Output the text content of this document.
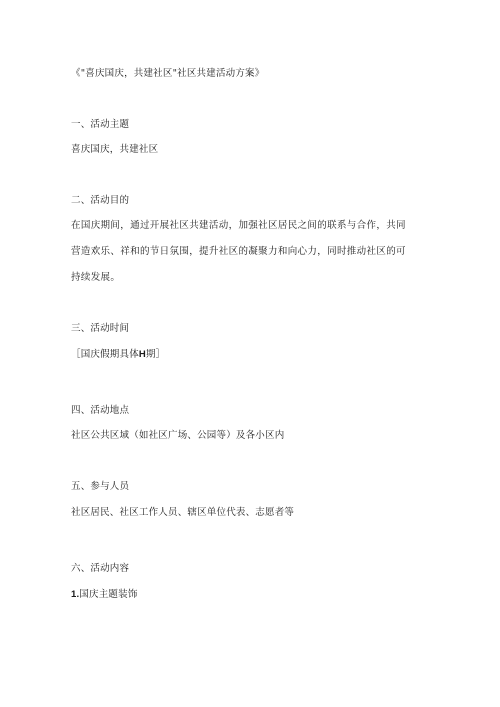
《"喜庆国庆，共建社区"社区共建活动方案》
一、活动主题
喜庆国庆，共建社区
二、活动目的
在国庆期间，通过开展社区共建活动，加强社区居民之间的联系与合作，共同
营造欢乐、祥和的节日氛围，提升社区的凝聚力和向心力，同时推动社区的可
持续发展。
三、活动时间
［国庆假期具体H期］
四、活动地点
社区公共区域（如社区广场、公园等）及各小区内
五、参与人员
社区居民、社区工作人员、辖区单位代表、志愿者等
六、活动内容
1.国庆主题装饰
